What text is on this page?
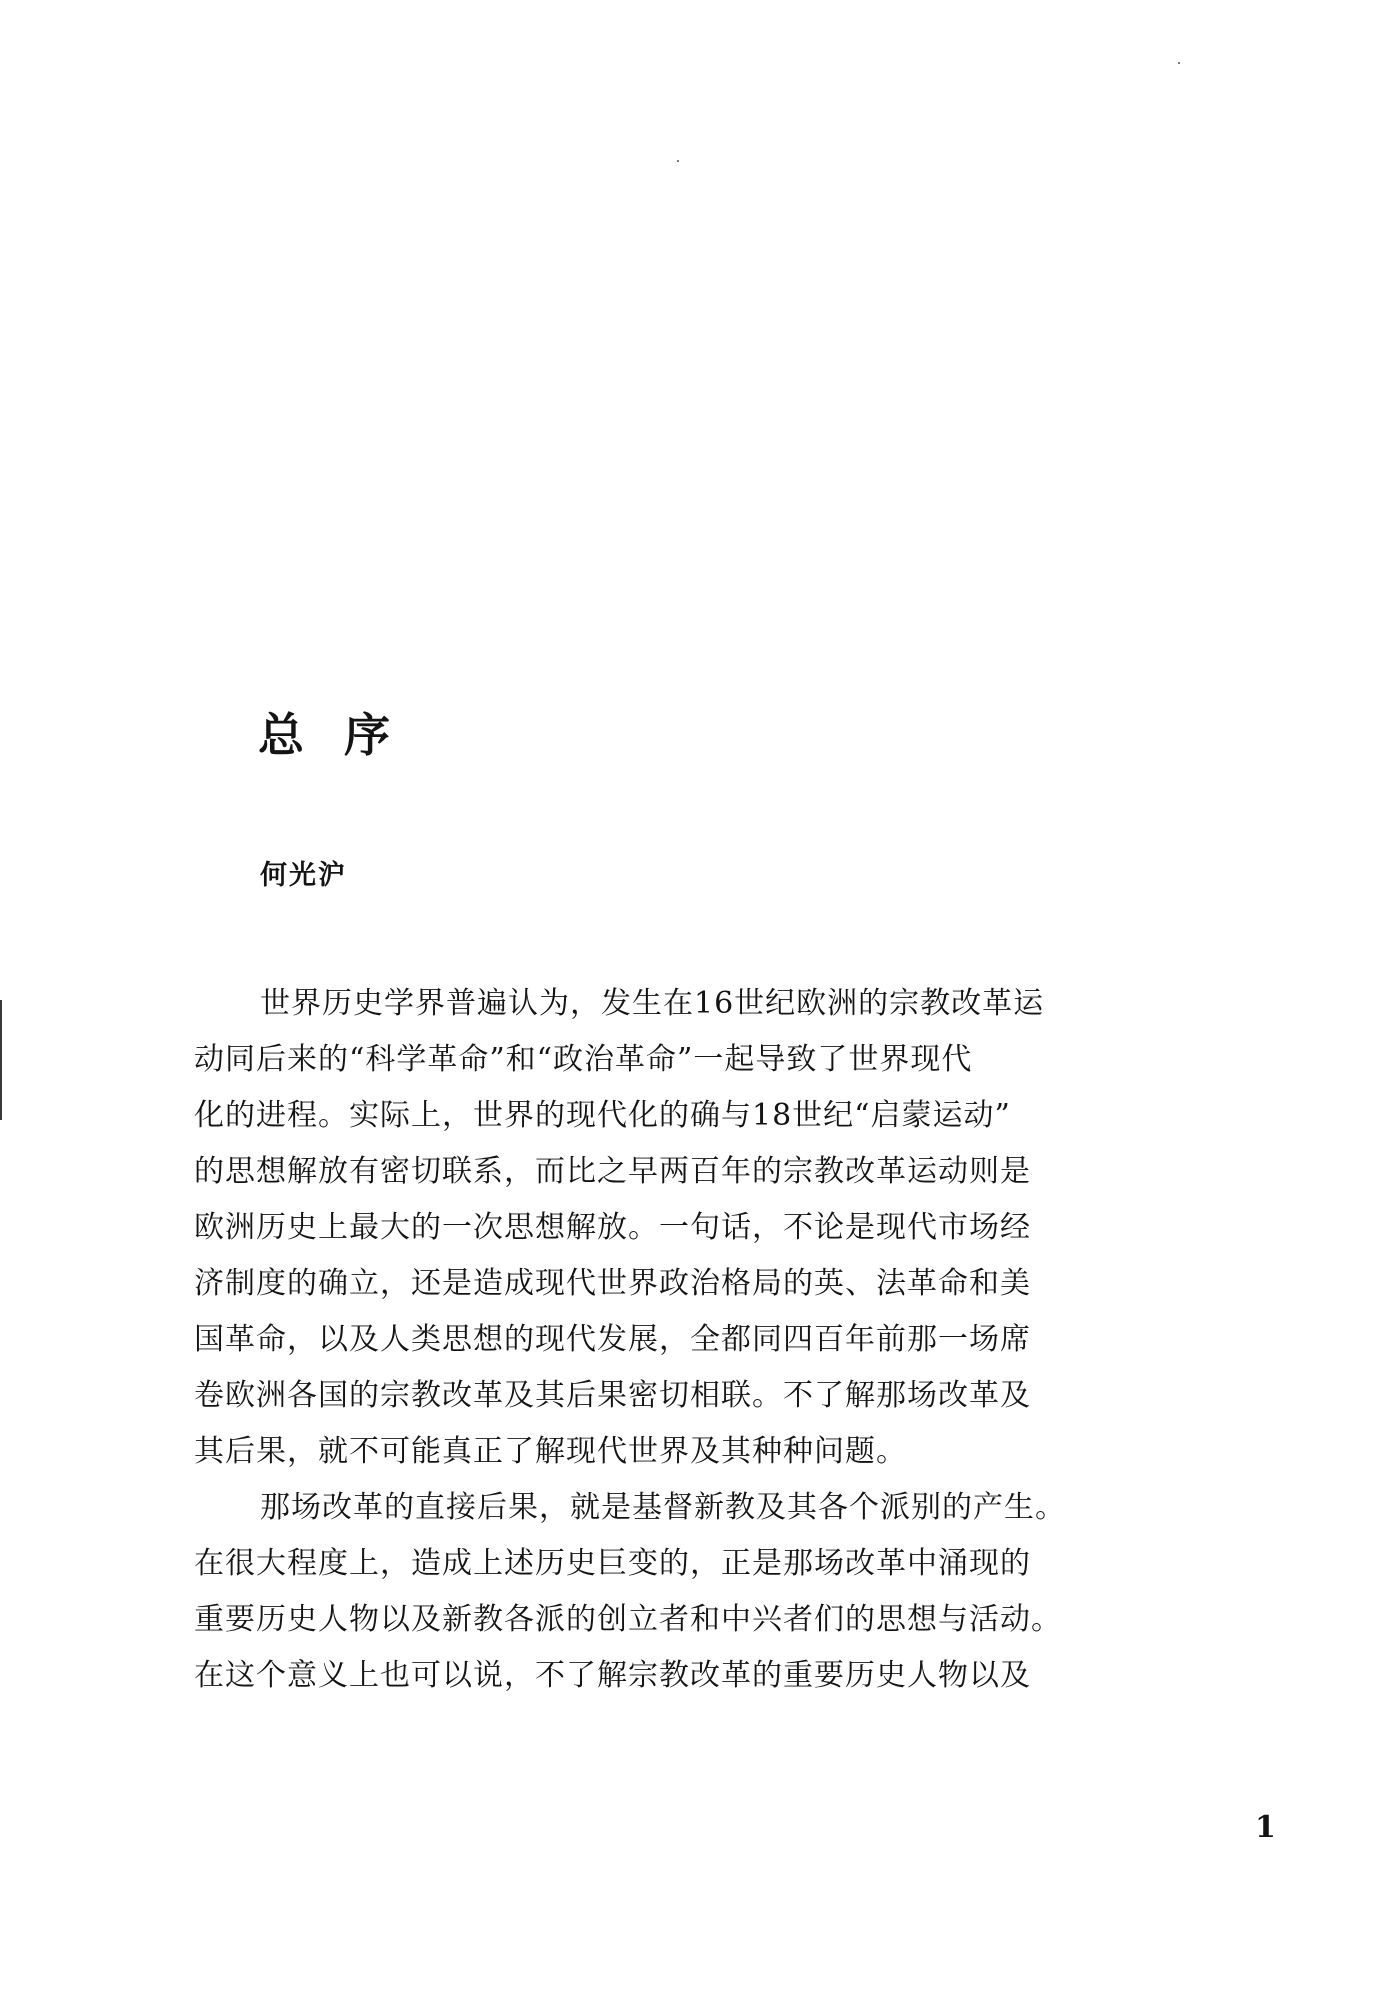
总 序

何光沪

世界历史学界普遍认为，发生在16世纪欧洲的宗教改革运

动同后来的“科学革命”和“政治革命”一起导致了世界现代

化的进程。实际上，世界的现代化的确与18世纪“启蒙运动”

的思想解放有密切联系，而比之早两百年的宗教改革运动则是

欧洲历史上最大的一次思想解放。一句话，不论是现代市场经

济制度的确立，还是造成现代世界政治格局的英、法革命和美

国革命，以及人类思想的现代发展，全都同四百年前那一场席

卷欧洲各国的宗教改革及其后果密切相联。不了解那场改革及

其后果，就不可能真正了解现代世界及其种种问题。

那场改革的直接后果，就是基督新教及其各个派别的产生。

在很大程度上，造成上述历史巨变的，正是那场改革中涌现的

重要历史人物以及新教各派的创立者和中兴者们的思想与活动。

在这个意义上也可以说，不了解宗教改革的重要历史人物以及

1
